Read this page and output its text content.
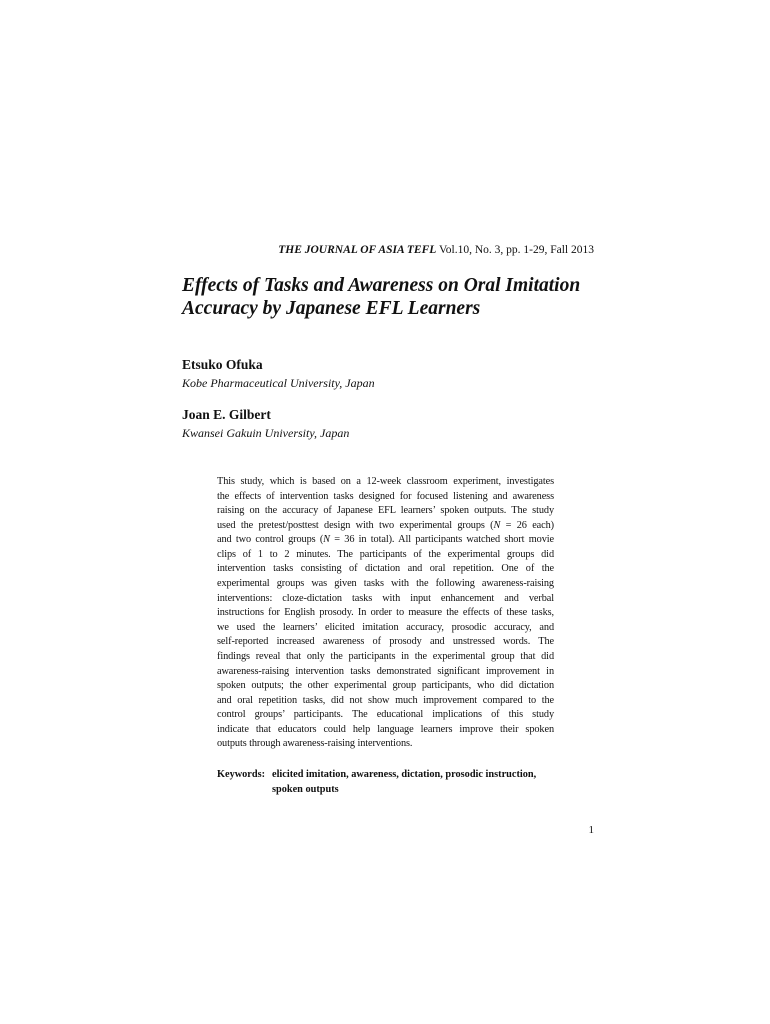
THE JOURNAL OF ASIA TEFL Vol.10, No. 3, pp. 1-29, Fall 2013
Effects of Tasks and Awareness on Oral Imitation Accuracy by Japanese EFL Learners
Etsuko Ofuka
Kobe Pharmaceutical University, Japan
Joan E. Gilbert
Kwansei Gakuin University, Japan
This study, which is based on a 12-week classroom experiment, investigates
the effects of intervention tasks designed for focused listening and awareness
raising on the accuracy of Japanese EFL learners’ spoken outputs. The study
used the pretest/posttest design with two experimental groups (N = 26 each)
and two control groups (N = 36 in total). All participants watched short movie
clips of 1 to 2 minutes. The participants of the experimental groups did
intervention tasks consisting of dictation and oral repetition. One of the
experimental groups was given tasks with the following awareness-raising
interventions: cloze-dictation tasks with input enhancement and verbal
instructions for English prosody. In order to measure the effects of these tasks,
we used the learners’ elicited imitation accuracy, prosodic accuracy, and
self-reported increased awareness of prosody and unstressed words. The
findings reveal that only the participants in the experimental group that did
awareness-raising intervention tasks demonstrated significant improvement in
spoken outputs; the other experimental group participants, who did dictation
and oral repetition tasks, did not show much improvement compared to the
control groups’ participants. The educational implications of this study
indicate that educators could help language learners improve their spoken
outputs through awareness-raising interventions.
Keywords: elicited imitation, awareness, dictation, prosodic instruction,
spoken outputs
1
